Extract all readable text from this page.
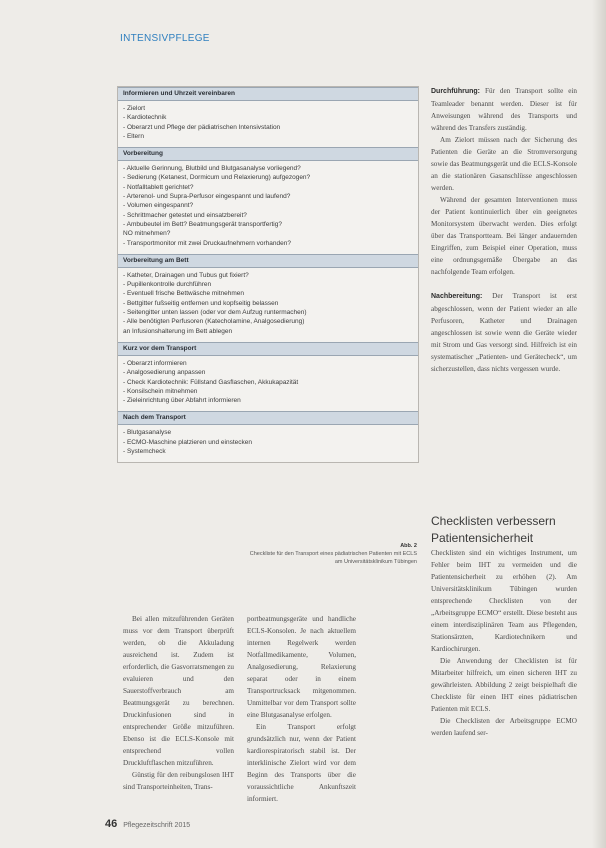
INTENSIVPFLEGE
Informieren und Uhrzeit vereinbaren
- Zielort
- Kardiotechnik
- Oberarzt und Pflege der pädiatrischen Intensivstation
- Eltern
Vorbereitung
- Aktuelle Gerinnung, Blutbild und Blutgasanalyse vorliegend?
- Sedierung (Ketanest, Dormicum und Relaxierung) aufgezogen?
- Notfalltablett gerichtet?
- Arterenol- und Supra-Perfusor eingespannt und laufend?
- Volumen eingespannt?
- Schrittmacher getestet und einsatzbereit?
- Ambubeutel im Bett? Beatmungsgerät transportfertig?
NO mitnehmen?
- Transportmonitor mit zwei Druckaufnehmern vorhanden?
Vorbereitung am Bett
- Katheter, Drainagen und Tubus gut fixiert?
- Pupillenkontrolle durchführen
- Eventuell frische Bettwäsche mitnehmen
- Bettgitter fußseitig entfernen und kopfseitig belassen
- Seitengitter unten lassen (oder vor dem Aufzug runtermachen)
- Alle benötigten Perfusoren (Katecholamine, Analgosedierung)
an Infusionshalterung im Bett ablegen
Kurz vor dem Transport
- Oberarzt informieren
- Analgosedierung anpassen
- Check Kardiotechnik: Füllstand Gasflaschen, Akkukapazität
- Konsilschein mitnehmen
- Zieleinrichtung über Abfahrt informieren
Nach dem Transport
- Blutgasanalyse
- ECMO-Maschine platzieren und einstecken
- Systemcheck
Abb. 2
Checkliste für den Transport eines pädiatrischen Patienten mit ECLS
am Universitätsklinikum Tübingen

Bei allen mitzuführenden Geräten muss vor dem Transport überprüft werden, ob die Akkuladung ausreichend ist. Zudem ist erforderlich, die Gasvorratsmengen zu evaluieren und den Sauerstoffverbrauch am Beatmungsgerät zu berechnen. Druckinfusionen sind in entsprechender Größe mitzuführen. Ebenso ist die ECLS-Konsole mit entsprechend vollen Druckluftflaschen mitzuführen.

Günstig für den reibungslosen IHT sind Transporteinheiten, Trans-

portbeatmungsgeräte und handliche ECLS-Konsolen. Je nach aktuellem internen Regelwerk werden Notfallmedikamente, Volumen, Analgosedierung, Relaxierung separat oder in einem Transportrucksack mitgenommen. Unmittelbar vor dem Transport sollte eine Blutgasanalyse erfolgen.

Ein Transport erfolgt grundsätzlich nur, wenn der Patient kardiorespiratorisch stabil ist. Der interklinische Zielort wird vor dem Beginn des Transports über die voraussichtliche Ankunftszeit informiert.

Durchführung: Für den Transport sollte ein Teamleader benannt werden. Dieser ist für Anweisungen während des Transports und während des Transfers zuständig.

Am Zielort müssen nach der Sicherung des Patienten die Geräte an die Stromversorgung sowie das Beatmungsgerät und die ECLS-Konsole an die stationären Gasanschlüsse angeschlossen werden.

Während der gesamten Interventionen muss der Patient kontinuierlich über ein geeignetes Monitorsystem überwacht werden. Dies erfolgt über das Transportteam. Bei länger andauernden Eingriffen, zum Beispiel einer Operation, muss eine ordnungsgemäße Übergabe an das nachfolgende Team erfolgen.

Nachbereitung: Der Transport ist erst abgeschlossen, wenn der Patient wieder an alle Perfusoren, Katheter und Drainagen angeschlossen ist sowie wenn die Geräte wieder mit Strom und Gas versorgt sind. Hilfreich ist ein systematischer „Patienten- und Gerätecheck“, um sicherzustellen, dass nichts vergessen wurde.

Checklisten verbessern Patientensicherheit

Checklisten sind ein wichtiges Instrument, um Fehler beim IHT zu vermeiden und die Patientensicherheit zu erhöhen (2). Am Universitätsklinikum Tübingen wurden entsprechende Checklisten von der „Arbeitsgruppe ECMO“ erstellt. Diese besteht aus einem interdisziplinären Team aus Pflegenden, Stationsärzten, Kardiotechnikern und Kardiochirurgen.

Die Anwendung der Checklisten ist für Mitarbeiter hilfreich, um einen sicheren IHT zu gewährleisten. Abbildung 2 zeigt beispielhaft die Checkliste für einen IHT eines pädiatrischen Patienten mit ECLS.

Die Checklisten der Arbeitsgruppe ECMO werden laufend ser-

46 Pflegezeitschrift 2015
